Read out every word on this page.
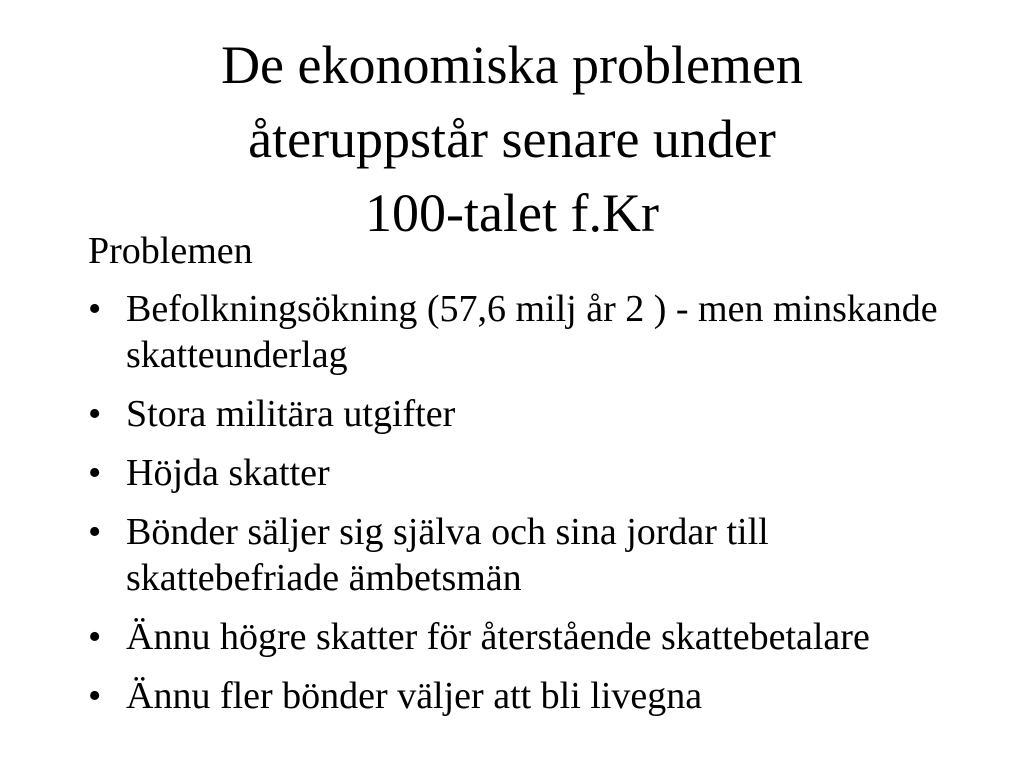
De ekonomiska problemen
återuppstår senare under
100-talet f.Kr

Problemen

• Befolkningsökning (57,6 milj år 2 ) - men minskande skatteunderlag
• Stora militära utgifter
• Höjda skatter
• Bönder säljer sig själva och sina jordar till skattebefriade ämbetsmän
• Ännu högre skatter för återstående skattebetalare
• Ännu fler bönder väljer att bli livegna
